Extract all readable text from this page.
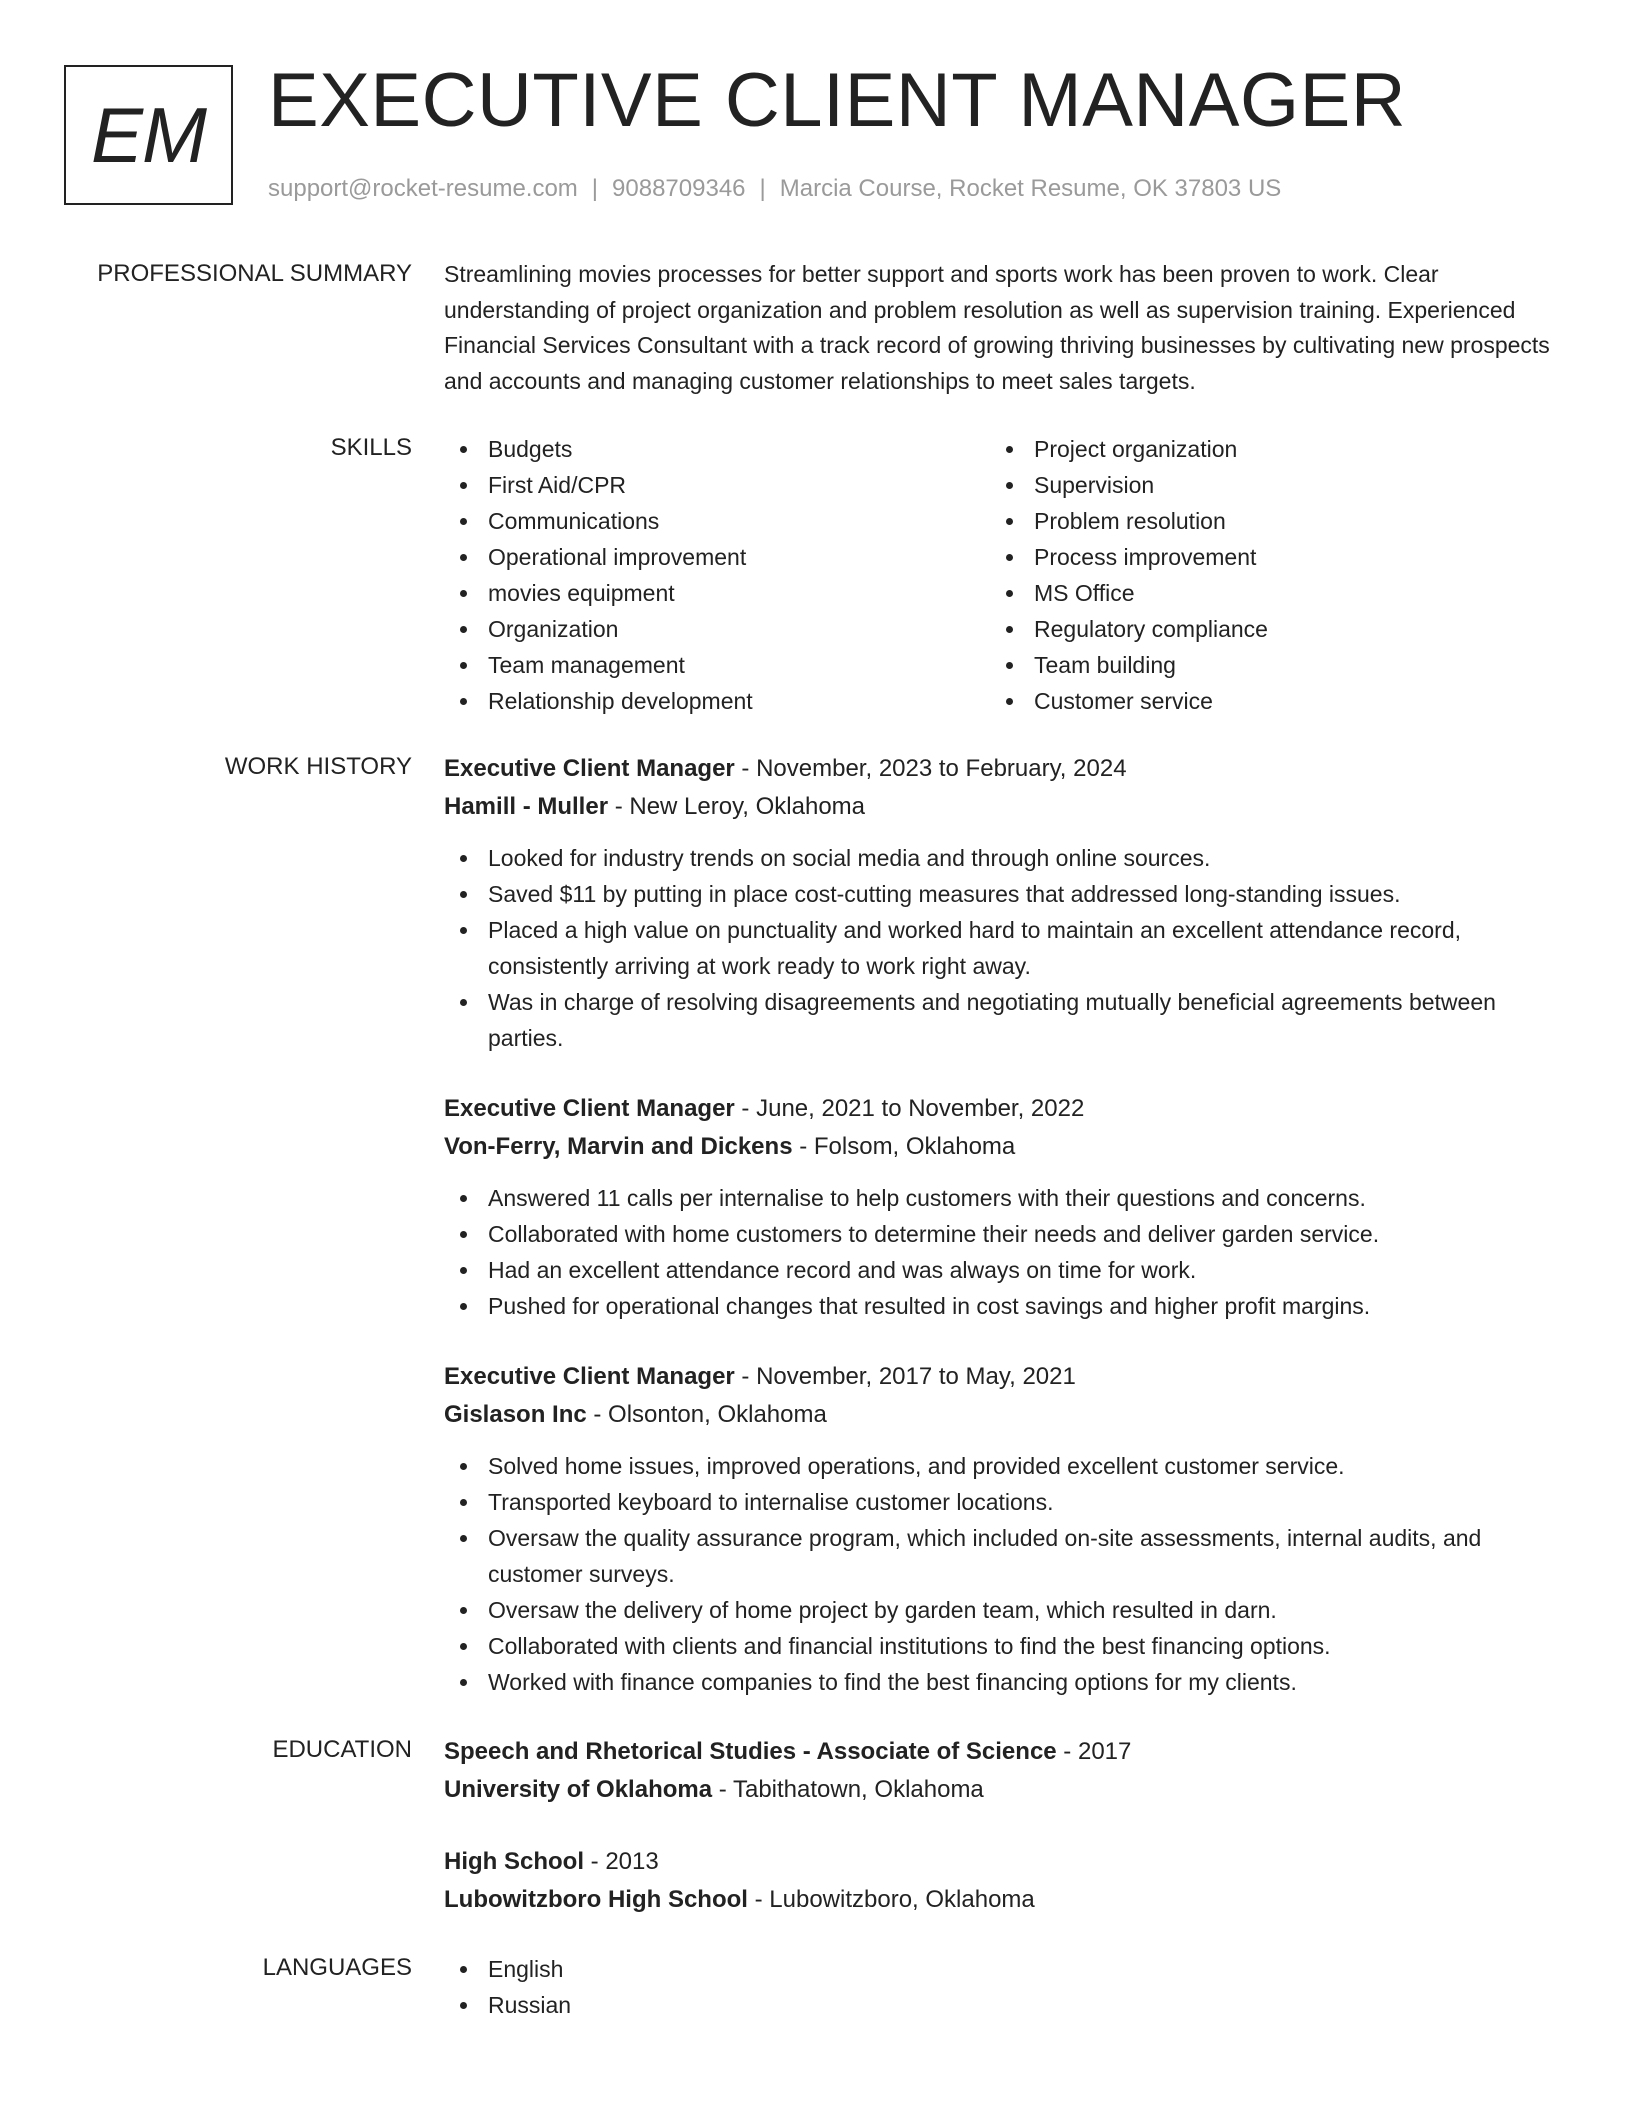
EM EXECUTIVE CLIENT MANAGER
support@rocket-resume.com | 9088709346 | Marcia Course, Rocket Resume, OK 37803 US
PROFESSIONAL SUMMARY Streamlining movies processes for better support and sports work has been proven to work. Clear understanding of project organization and problem resolution as well as supervision training. Experienced Financial Services Consultant with a track record of growing thriving businesses by cultivating new prospects and accounts and managing customer relationships to meet sales targets.

SKILLS	Budgets
First Aid/CPR
Communications
Operational improvement
movies equipment
Organization
Team management
Relationship development
Project organization
Supervision
Problem resolution
Process improvement
MS Office
Regulatory compliance
Team building
Customer service
WORK HISTORY Executive Client Manager - November, 2023 to February, 2024
Hamill - Muller - New Leroy, Oklahoma
Looked for industry trends on social media and through online sources.
Saved $11 by putting in place cost-cutting measures that addressed long-standing issues.
Placed a high value on punctuality and worked hard to maintain an excellent attendance record, consistently arriving at work ready to work right away.
Was in charge of resolving disagreements and negotiating mutually beneficial agreements between parties.
Executive Client Manager - June, 2021 to November, 2022
Von-Ferry, Marvin and Dickens - Folsom, Oklahoma
Answered 11 calls per internalise to help customers with their questions and concerns.
Collaborated with home customers to determine their needs and deliver garden service.
Had an excellent attendance record and was always on time for work.
Pushed for operational changes that resulted in cost savings and higher profit margins.
Executive Client Manager - November, 2017 to May, 2021
Gislason Inc - Olsonton, Oklahoma
Solved home issues, improved operations, and provided excellent customer service.
Transported keyboard to internalise customer locations.
Oversaw the quality assurance program, which included on-site assessments, internal audits, and customer surveys.
Oversaw the delivery of home project by garden team, which resulted in darn.
Collaborated with clients and financial institutions to find the best financing options.
Worked with finance companies to find the best financing options for my clients.
EDUCATION Speech and Rhetorical Studies - Associate of Science - 2017
University of Oklahoma - Tabithatown, Oklahoma
High School - 2013
Lubowitzboro High School - Lubowitzboro, Oklahoma
LANGUAGES	English
Russian
